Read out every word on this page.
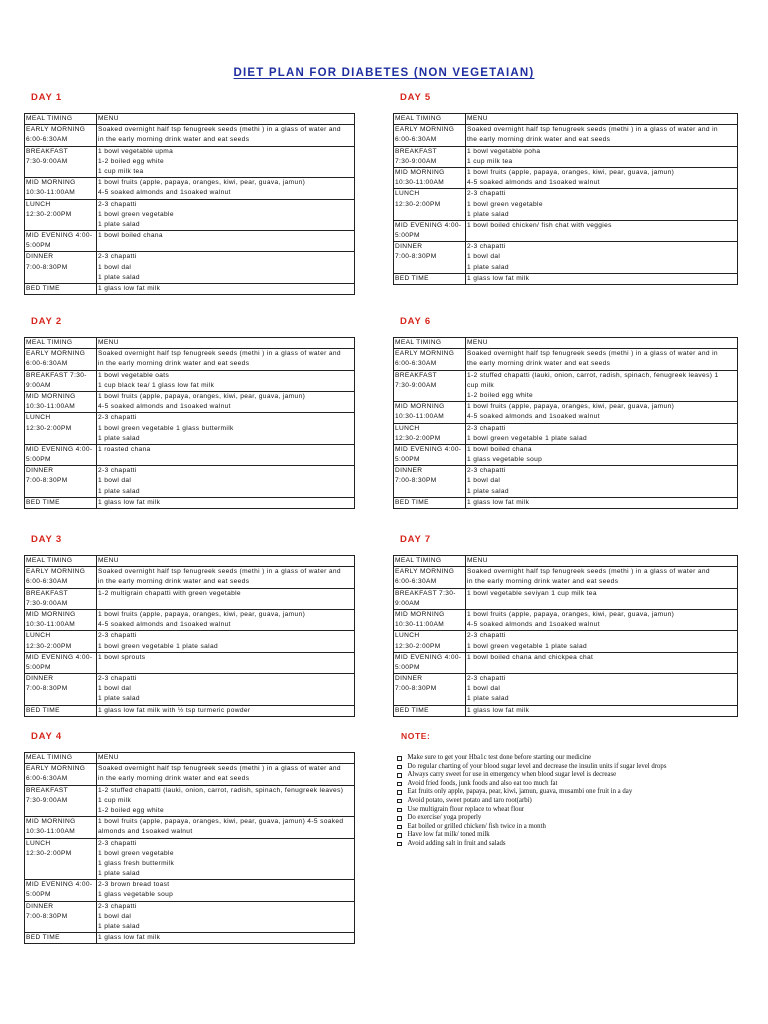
DIET PLAN FOR DIABETES (NON VEGETAIAN)
DAY 1
MEAL TIMING	MENU

EARLY MORNING
6:00-6:30AM	Soaked overnight half tsp fenugreek seeds (methi ) in a glass of water and
in the early morning drink water and eat seeds

BREAKFAST
7:30-9:00AM	1 bowl vegetable upma
1-2 boiled egg white
1 cup milk tea

MID MORNING
10:30-11:00AM	1 bowl fruits (apple, papaya, oranges, kiwi, pear, guava, jamun)
4-5 soaked almonds and 1soaked walnut

LUNCH
12:30-2:00PM	2-3 chapatti
1 bowl green vegetable
1 plate salad

MID EVENING 4:00-
5:00PM	1 bowl boiled chana

DINNER
7:00-8:30PM	2-3 chapatti
1 bowl dal
1 plate salad

BED TIME	1 glass low fat milk
DAY 2
MEAL TIMING	MENU

EARLY MORNING
6:00-6:30AM	Soaked overnight half tsp fenugreek seeds (methi ) in a glass of water and
in the early morning drink water and eat seeds

BREAKFAST 7:30-
9:00AM	1 bowl vegetable oats
1 cup black tea/ 1 glass low fat milk

MID MORNING
10:30-11:00AM	1 bowl fruits (apple, papaya, oranges, kiwi, pear, guava, jamun)
4-5 soaked almonds and 1soaked walnut

LUNCH
12:30-2:00PM	2-3 chapatti
1 bowl green vegetable 1 glass buttermilk
1 plate salad

MID EVENING 4:00-
5:00PM	1 roasted chana

DINNER
7:00-8:30PM	2-3 chapatti
1 bowl dal
1 plate salad

BED TIME	1 glass low fat milk
DAY 3
MEAL TIMING	MENU

EARLY MORNING
6:00-6:30AM	Soaked overnight half tsp fenugreek seeds (methi ) in a glass of water and
in the early morning drink water and eat seeds

BREAKFAST
7:30-9:00AM	1-2 multigrain chapatti with green vegetable

MID MORNING
10:30-11:00AM	1 bowl fruits (apple, papaya, oranges, kiwi, pear, guava, jamun)
4-5 soaked almonds and 1soaked walnut

LUNCH
12:30-2:00PM	2-3 chapatti
1 bowl green vegetable 1 plate salad

MID EVENING 4:00-
5:00PM	1 bowl sprouts

DINNER
7:00-8:30PM	2-3 chapatti
1 bowl dal
1 plate salad

BED TIME	1 glass low fat milk with ½ tsp turmeric powder
DAY 4
MEAL TIMING	MENU

EARLY MORNING
6:00-6:30AM	Soaked overnight half tsp fenugreek seeds (methi ) in a glass of water and
in the early morning drink water and eat seeds

BREAKFAST
7:30-9:00AM	1-2 stuffed chapatti (lauki, onion, carrot, radish, spinach, fenugreek leaves)
1 cup milk
1-2 boiled egg white

MID MORNING
10:30-11:00AM	1 bowl fruits (apple, papaya, oranges, kiwi, pear, guava, jamun) 4-5 soaked
almonds and 1soaked walnut

LUNCH
12:30-2:00PM	2-3 chapatti
1 bowl green vegetable
1 glass fresh buttermilk
1 plate salad

MID EVENING 4:00-
5:00PM	2-3 brown bread toast
1 glass vegetable soup

DINNER
7:00-8:30PM	2-3 chapatti
1 bowl dal
1 plate salad

BED TIME	1 glass low fat milk
DAY 5
MEAL TIMING	MENU

EARLY MORNING
6:00-6:30AM	Soaked overnight half tsp fenugreek seeds (methi ) in a glass of water and in
the early morning drink water and eat seeds

BREAKFAST
7:30-9:00AM	1 bowl vegetable poha
1 cup milk tea

MID MORNING
10:30-11:00AM	1 bowl fruits (apple, papaya, oranges, kiwi, pear, guava, jamun)
4-5 soaked almonds and 1soaked walnut

LUNCH
12:30-2:00PM	2-3 chapatti
1 bowl green vegetable
1 plate salad

MID EVENING 4:00-
5:00PM	1 bowl boiled chicken/ fish chat with veggies

DINNER
7:00-8:30PM	2-3 chapatti
1 bowl dal
1 plate salad

BED TIME	1 glass low fat milk
DAY 6
MEAL TIMING	MENU

EARLY MORNING
6:00-6:30AM	Soaked overnight half tsp fenugreek seeds (methi ) in a glass of water and in
the early morning drink water and eat seeds

BREAKFAST
7:30-9:00AM	1-2 stuffed chapatti (lauki, onion, carrot, radish, spinach, fenugreek leaves) 1
cup milk
1-2 boiled egg white

MID MORNING
10:30-11:00AM	1 bowl fruits (apple, papaya, oranges, kiwi, pear, guava, jamun)
4-5 soaked almonds and 1soaked walnut

LUNCH
12:30-2:00PM	2-3 chapatti
1 bowl green vegetable 1 plate salad

MID EVENING 4:00-
5:00PM	1 bowl boiled chana
1 glass vegetable soup

DINNER
7:00-8:30PM	2-3 chapatti
1 bowl dal
1 plate salad

BED TIME	1 glass low fat milk
DAY 7
MEAL TIMING	MENU

EARLY MORNING
6:00-6:30AM	Soaked overnight half tsp fenugreek seeds (methi ) in a glass of water and
in the early morning drink water and eat seeds

BREAKFAST 7:30-
9:00AM	1 bowl vegetable seviyan 1 cup milk tea

MID MORNING
10:30-11:00AM	1 bowl fruits (apple, papaya, oranges, kiwi, pear, guava, jamun)
4-5 soaked almonds and 1soaked walnut

LUNCH
12:30-2:00PM	2-3 chapatti
1 bowl green vegetable 1 plate salad

MID EVENING 4:00-
5:00PM	1 bowl boiled chana and chickpea chat

DINNER
7:00-8:30PM	2-3 chapatti
1 bowl dal
1 plate salad

BED TIME	1 glass low fat milk
NOTE:
Make sure to get your Hba1c test done before starting our medicine
Do regular charting of your blood sugar level and decrease the insulin units if sugar level drops
Always carry sweet for use in emergency when blood sugar level is decrease
Avoid fried foods, junk foods and also eat too much fat
Eat fruits only apple, papaya, pear, kiwi, jamun, guava, musambi one fruit in a day
Avoid potato, sweet potato and taro root(arbi)
Use multigrain flour replace to wheat flour
Do exercise/ yoga properly
Eat boiled or grilled chicken/ fish twice in a month
Have low fat milk/ toned milk
Avoid adding salt in fruit and salads
